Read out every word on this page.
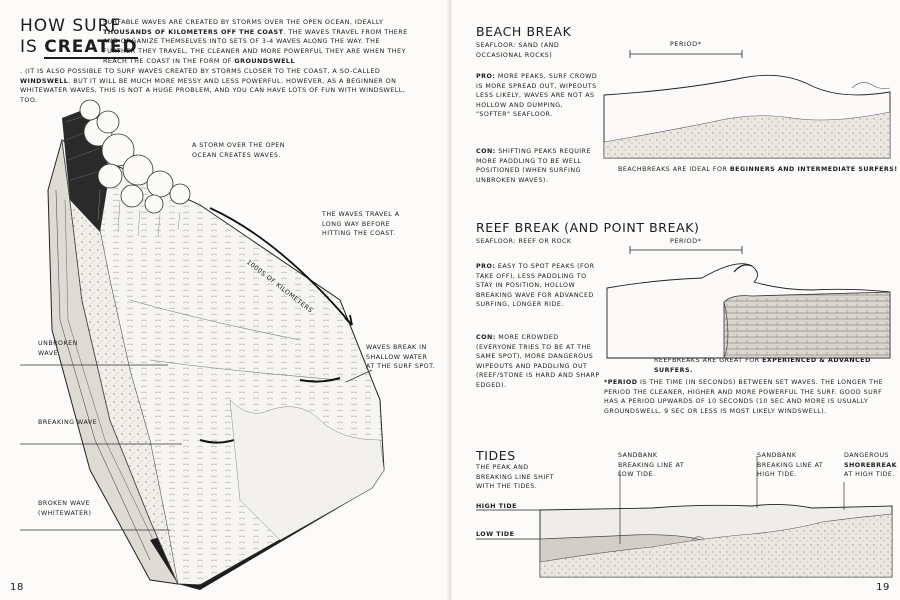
HOW SURF
IS CREATED
SURFABLE WAVES ARE CREATED BY STORMS OVER THE OPEN OCEAN, IDEALLY THOUSANDS OF KILOMETERS OFF THE COAST. THE WAVES TRAVEL FROM THERE AND ORGANIZE THEMSELVES INTO SETS OF 3-4 WAVES ALONG THE WAY. THE FURTHER THEY TRAVEL, THE CLEANER AND MORE POWERFUL THEY ARE WHEN THEY REACH THE COAST IN THE FORM OF GROUNDSWELL
. (IT IS ALSO POSSIBLE TO SURF WAVES CREATED BY STORMS CLOSER TO THE COAST, A SO-CALLED WINDSWELL. BUT IT WILL BE MUCH MORE MESSY AND LESS POWERFUL. HOWEVER, AS A BEGINNER ON WHITEWATER WAVES, THIS IS NOT A HUGE PROBLEM, AND YOU CAN HAVE LOTS OF FUN WITH WINDSWELL, TOO.
A STORM OVER THE OPEN OCEAN CREATES WAVES.
THE WAVES TRAVEL A LONG WAY BEFORE HITTING THE COAST.
1000S OF KILOMETERS
WAVES BREAK IN SHALLOW WATER AT THE SURF SPOT.
UNBROKEN WAVE
BREAKING WAVE
BROKEN WAVE (WHITEWATER)
18
BEACH BREAK
SEAFLOOR: SAND (AND OCCASIONAL ROCKS)
PRO: MORE PEAKS, SURF CROWD IS MORE SPREAD OUT, WIPEOUTS LESS LIKELY, WAVES ARE NOT AS HOLLOW AND DUMPING, "SOFTER" SEAFLOOR.
CON: SHIFTING PEAKS REQUIRE MORE PADDLING TO BE WELL POSITIONED (WHEN SURFING UNBROKEN WAVES).
PERIOD*
BEACHBREAKS ARE IDEAL FOR BEGINNERS AND INTERMEDIATE SURFERS!
REEF BREAK (AND POINT BREAK)
SEAFLOOR: REEF OR ROCK
PRO: EASY TO SPOT PEAKS (FOR TAKE OFF), LESS PADDLING TO STAY IN POSITION, HOLLOW BREAKING WAVE FOR ADVANCED SURFING, LONGER RIDE.
CON: MORE CROWDED (EVERYONE TRIES TO BE AT THE SAME SPOT), MORE DANGEROUS WIPEOUTS AND PADDLING OUT (REEF/STONE IS HARD AND SHARP EDGED).
PERIOD*
REEFBREAKS ARE GREAT FOR EXPERIENCED & ADVANCED SURFERS.
*PERIOD IS THE TIME (IN SECONDS) BETWEEN SET WAVES. THE LONGER THE PERIOD THE CLEANER, HIGHER AND MORE POWERFUL THE SURF. GOOD SURF HAS A PERIOD UPWARDS OF 10 SECONDS (10 SEC AND MORE IS USUALLY GROUNDSWELL, 9 SEC OR LESS IS MOST LIKELY WINDSWELL).
TIDES
THE PEAK AND BREAKING LINE SHIFT WITH THE TIDES.
SANDBANK
BREAKING LINE AT LOW TIDE.
SANDBANK
BREAKING LINE AT HIGH TIDE.
DANGEROUS SHOREBREAK AT HIGH TIDE.
HIGH TIDE
LOW TIDE
19
